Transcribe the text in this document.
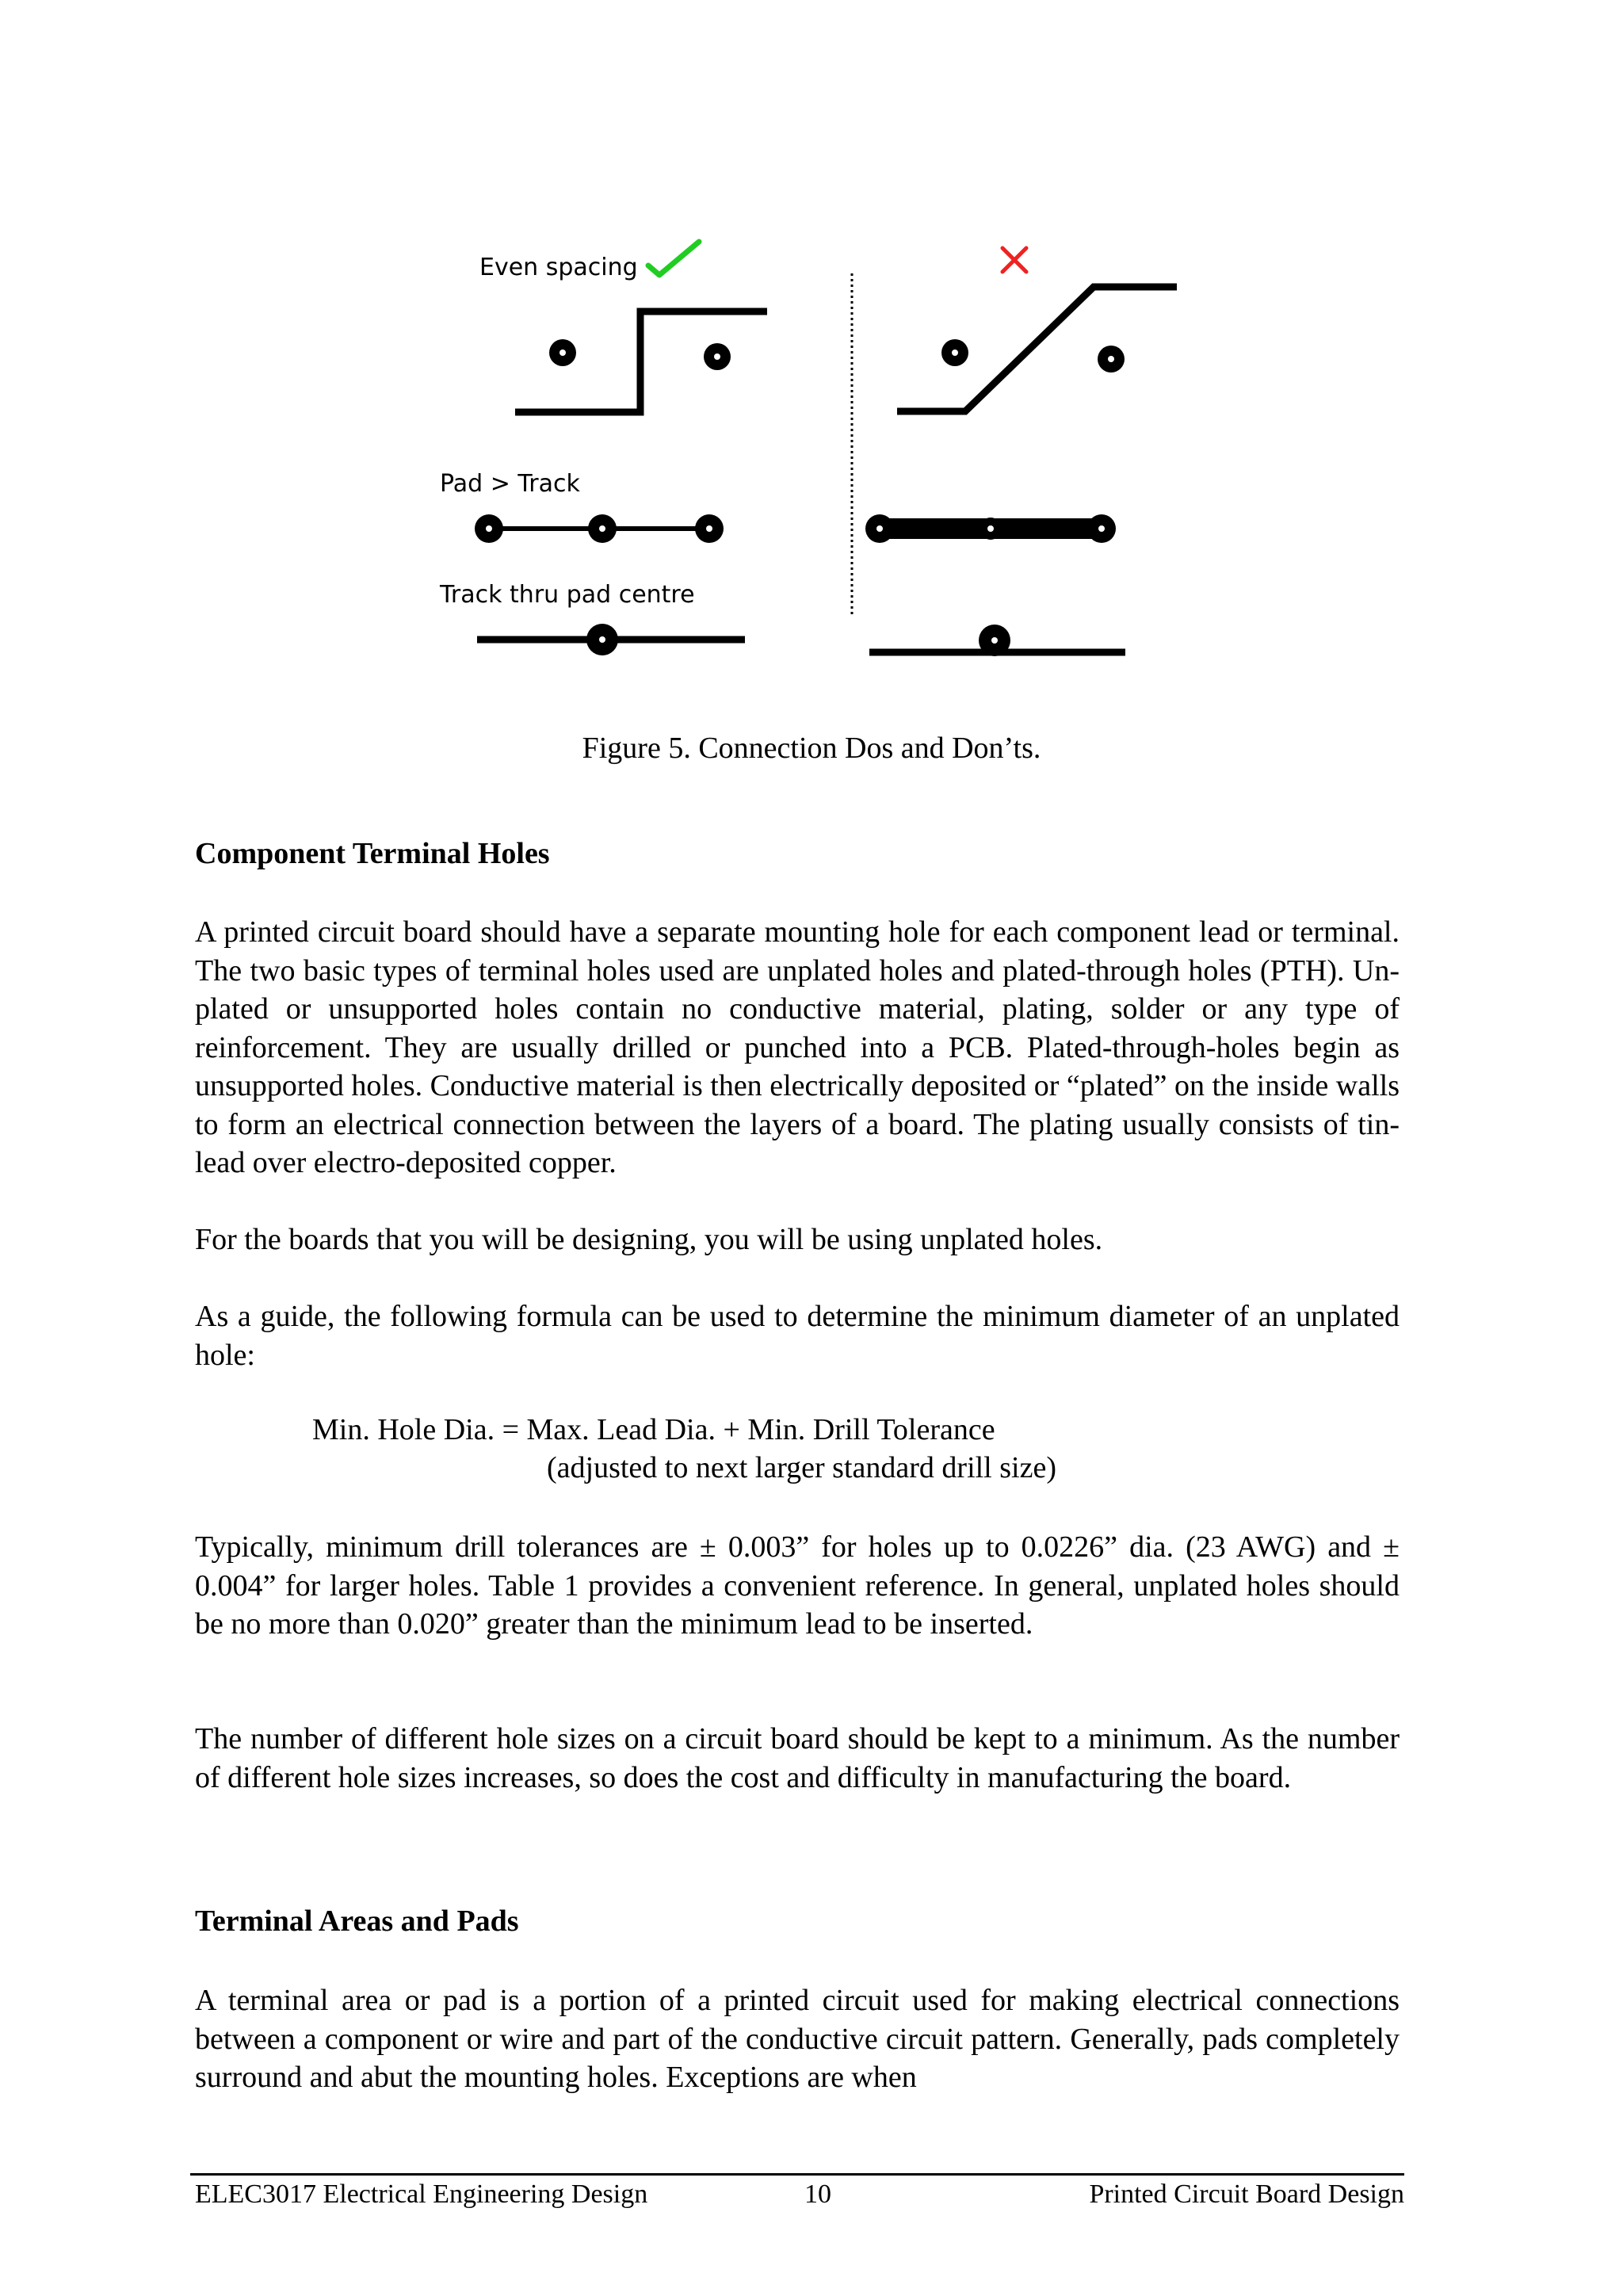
Even spacing
Pad > Track
Track thru pad centre
Figure 5. Connection Dos and Don’ts.
Component Terminal Holes

A printed circuit board should have a separate mounting hole for each component lead or terminal. The two basic types of terminal holes used are unplated holes and plated-through holes (PTH). Un-plated or unsupported holes contain no conductive material, plating, solder or any type of reinforcement. They are usually drilled or punched into a PCB. Plated-through-holes begin as unsupported holes. Conductive material is then electrically deposited or “plated” on the inside walls to form an electrical connection between the layers of a board. The plating usually consists of tin-lead over electro-deposited copper.

For the boards that you will be designing, you will be using unplated holes.

As a guide, the following formula can be used to determine the minimum diameter of an unplated hole:

Min. Hole Dia. = Max. Lead Dia. + Min. Drill Tolerance
(adjusted to next larger standard drill size)

Typically, minimum drill tolerances are ± 0.003” for holes up to 0.0226” dia. (23 AWG) and ± 0.004” for larger holes. Table 1 provides a convenient reference. In general, unplated holes should be no more than 0.020” greater than the minimum lead to be inserted.

The number of different hole sizes on a circuit board should be kept to a minimum. As the number of different hole sizes increases, so does the cost and difficulty in manufacturing the board.

Terminal Areas and Pads

A terminal area or pad is a portion of a printed circuit used for making electrical connections between a component or wire and part of the conductive circuit pattern. Generally, pads completely surround and abut the mounting holes. Exceptions are when

ELEC3017 Electrical Engineering Design	10	Printed Circuit Board Design
